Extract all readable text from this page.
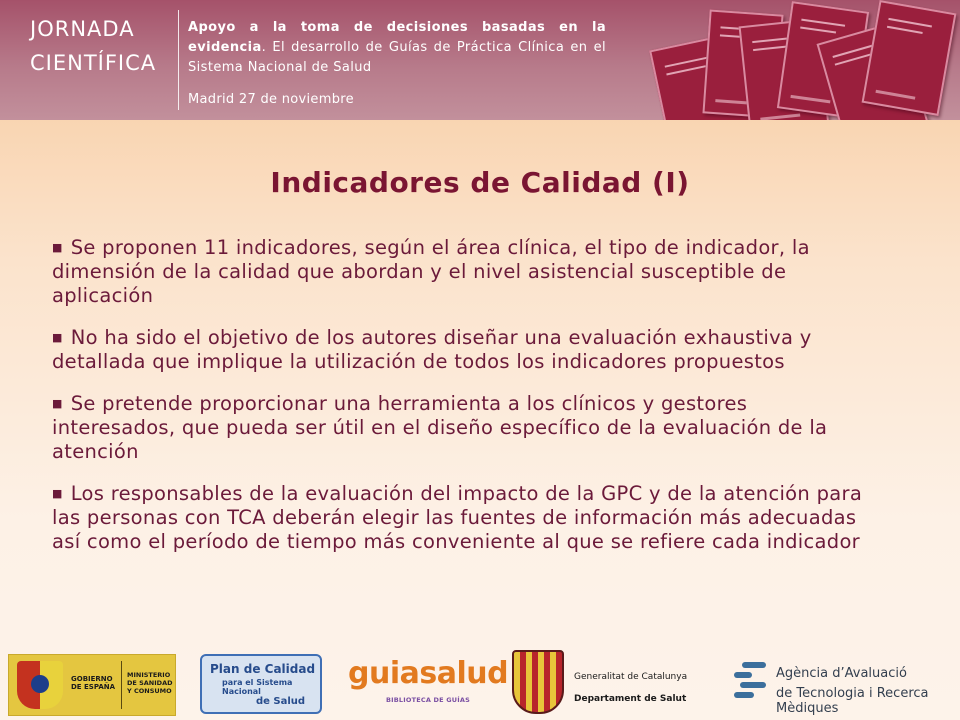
JORNADA
CIENTÍFICA
Apoyo a la toma de decisiones basadas en la evidencia. El desarrollo de Guías de Práctica Clínica en el Sistema Nacional de Salud
Madrid 27 de noviembre
Indicadores de Calidad (I)
■ Se proponen 11 indicadores, según el área clínica, el tipo de indicador, la dimensión de la calidad que abordan y el nivel asistencial susceptible de aplicación
■ No ha sido el objetivo de los autores diseñar una evaluación exhaustiva y detallada que implique la utilización de todos los indicadores propuestos
■ Se pretende proporcionar una herramienta a los clínicos y gestores interesados, que pueda ser útil en el diseño específico de la evaluación de la atención
■ Los responsables de la evaluación del impacto de la GPC y de la atención para las personas con TCA deberán elegir las fuentes de información más adecuadas así como el período de tiempo más conveniente al que se refiere cada indicador
GOBIERNO
DE ESPAÑA
MINISTERIO
DE SANIDAD
Y CONSUMO
Plan de Calidad
para el Sistema Nacional
de Salud
guiasalud
BIBLIOTECA DE GUÍAS
Generalitat de Catalunya
Departament de Salut
Agència d’Avaluació
de Tecnologia i Recerca Mèdiques
